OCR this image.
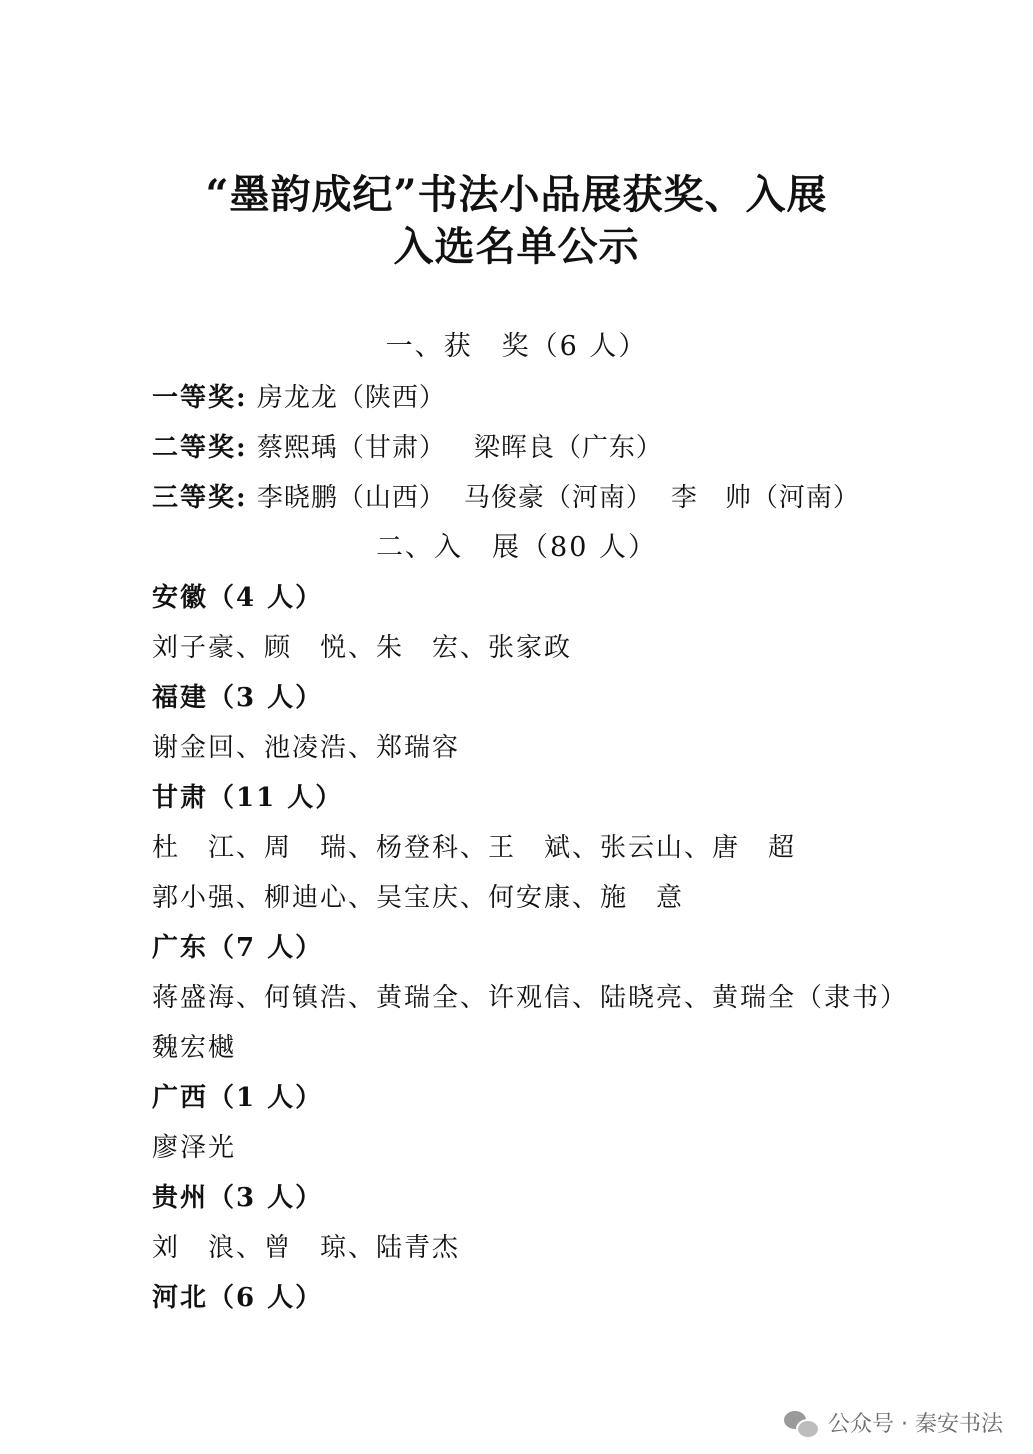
“墨韵成纪”书法小品展获奖、入展
入选名单公示
一、获　奖（6 人）
一等奖: 房龙龙（陕西）
二等奖: 蔡熙瑀（甘肃） 梁晖良（广东）
三等奖: 李晓鹏（山西） 马俊豪（河南） 李　帅（河南）
二、入　展（80 人）
安徽（4 人）
刘子豪、顾　悦、朱　宏、张家政
福建（3 人）
谢金回、池凌浩、郑瑞容
甘肃（11 人）
杜　江、周　瑞、杨登科、王　斌、张云山、唐　超
郭小强、柳迪心、吴宝庆、何安康、施　意
广东（7 人）
蒋盛海、何镇浩、黄瑞全、许观信、陆晓亮、黄瑞全（隶书）
魏宏樾
广西（1 人）
廖泽光
贵州（3 人）
刘　浪、曾　琼、陆青杰
河北（6 人）
公众号 · 秦安书法
